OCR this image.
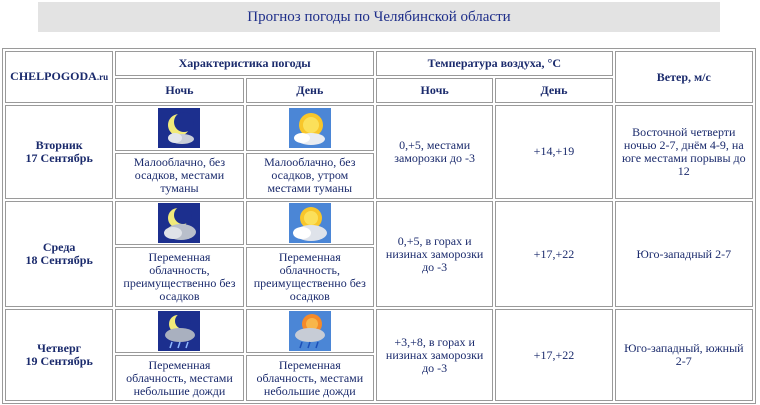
Прогноз погоды по Челябинской области
CHELPOGODA.ru	Характеристика погоды		Температура воздуха, °C		Ветер, м/с
	Ночь	День	Ночь	День	
Вторник
17 Сентябрь			0,+5, местами заморозки до -3	+14,+19	Восточной четверти ночью 2-7, днём 4-9, на юге местами порывы до 12
	Малооблачно, без осадков, местами туманы	Малооблачно, без осадков, утром местами туманы			
Среда
18 Сентябрь			0,+5, в горах и низинах заморозки до -3	+17,+22	Юго-западный 2-7
	Переменная облачность, преимущественно без осадков	Переменная облачность, преимущественно без осадков			
Четверг
19 Сентябрь			+3,+8, в горах и низинах заморозки до -3	+17,+22	Юго-западный, южный 2-7
	Переменная облачность, местами небольшие дожди	Переменная облачность, местами небольшие дожди			
